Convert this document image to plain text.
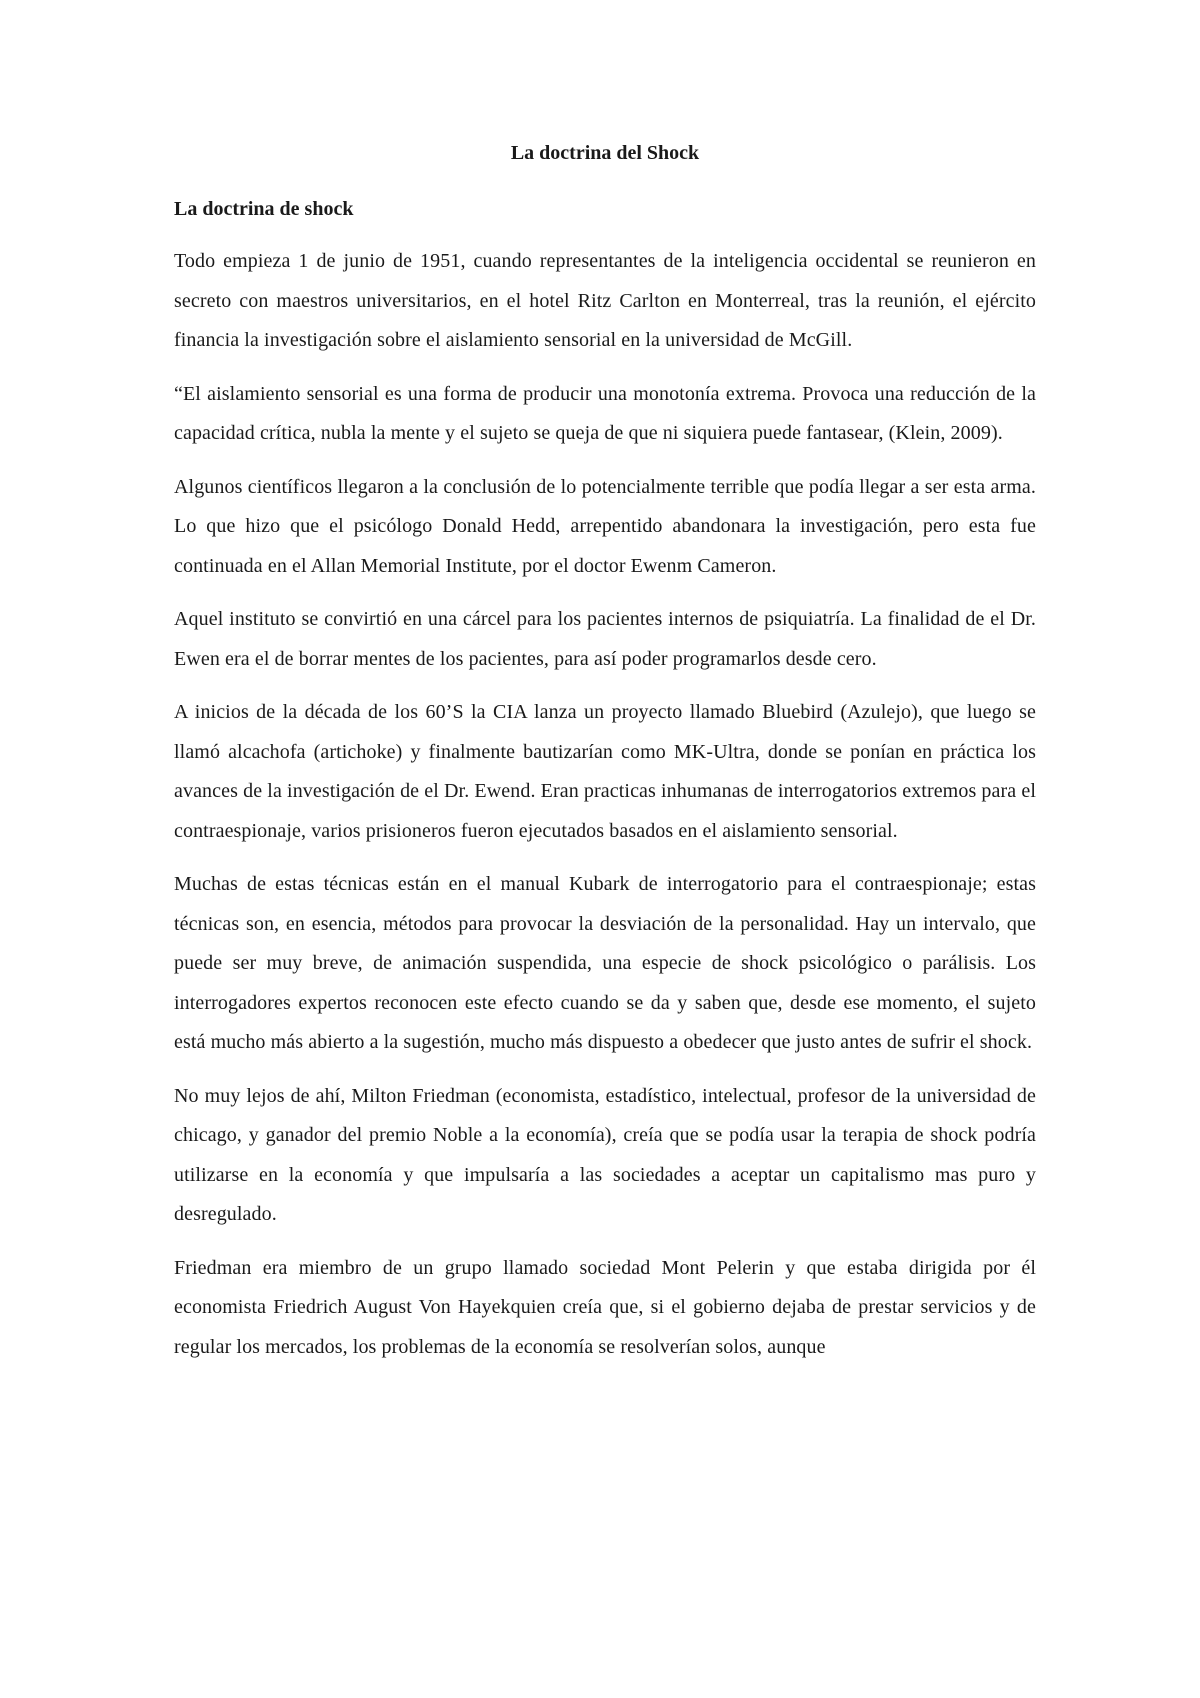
La doctrina del Shock
La doctrina de shock

Todo empieza 1 de junio de 1951, cuando representantes de la inteligencia occidental se reunieron en secreto con maestros universitarios, en el hotel Ritz Carlton en Monterreal, tras la reunión, el ejército financia la investigación sobre el aislamiento sensorial en la universidad de McGill.

“El aislamiento sensorial es una forma de producir una monotonía extrema. Provoca una reducción de la capacidad crítica, nubla la mente y el sujeto se queja de que ni siquiera puede fantasear, (Klein, 2009).

Algunos científicos llegaron a la conclusión de lo potencialmente terrible que podía llegar a ser esta arma. Lo que hizo que el psicólogo Donald Hedd, arrepentido abandonara la investigación, pero esta fue continuada en el Allan Memorial Institute, por el doctor Ewenm Cameron.

Aquel instituto se convirtió en una cárcel para los pacientes internos de psiquiatría. La finalidad de el Dr. Ewen era el de borrar mentes de los pacientes, para así poder programarlos desde cero.

A inicios de la década de los 60’S la CIA lanza un proyecto llamado Bluebird (Azulejo), que luego se llamó alcachofa (artichoke) y finalmente bautizarían como MK-Ultra, donde se ponían en práctica los avances de la investigación de el Dr. Ewend. Eran practicas inhumanas de interrogatorios extremos para el contraespionaje, varios prisioneros fueron ejecutados basados en el aislamiento sensorial.

Muchas de estas técnicas están en el manual Kubark de interrogatorio para el contraespionaje; estas técnicas son, en esencia, métodos para provocar la desviación de la personalidad. Hay un intervalo, que puede ser muy breve, de animación suspendida, una especie de shock psicológico o parálisis. Los interrogadores expertos reconocen este efecto cuando se da y saben que, desde ese momento, el sujeto está mucho más abierto a la sugestión, mucho más dispuesto a obedecer que justo antes de sufrir el shock.

No muy lejos de ahí, Milton Friedman (economista, estadístico, intelectual, profesor de la universidad de chicago, y ganador del premio Noble a la economía), creía que se podía usar la terapia de shock podría utilizarse en la economía y que impulsaría a las sociedades a aceptar un capitalismo mas puro y desregulado.

Friedman era miembro de un grupo llamado sociedad Mont Pelerin y que estaba dirigida por él economista Friedrich August Von Hayekquien creía que, si el gobierno dejaba de prestar servicios y de regular los mercados, los problemas de la economía se resolverían solos, aunque
